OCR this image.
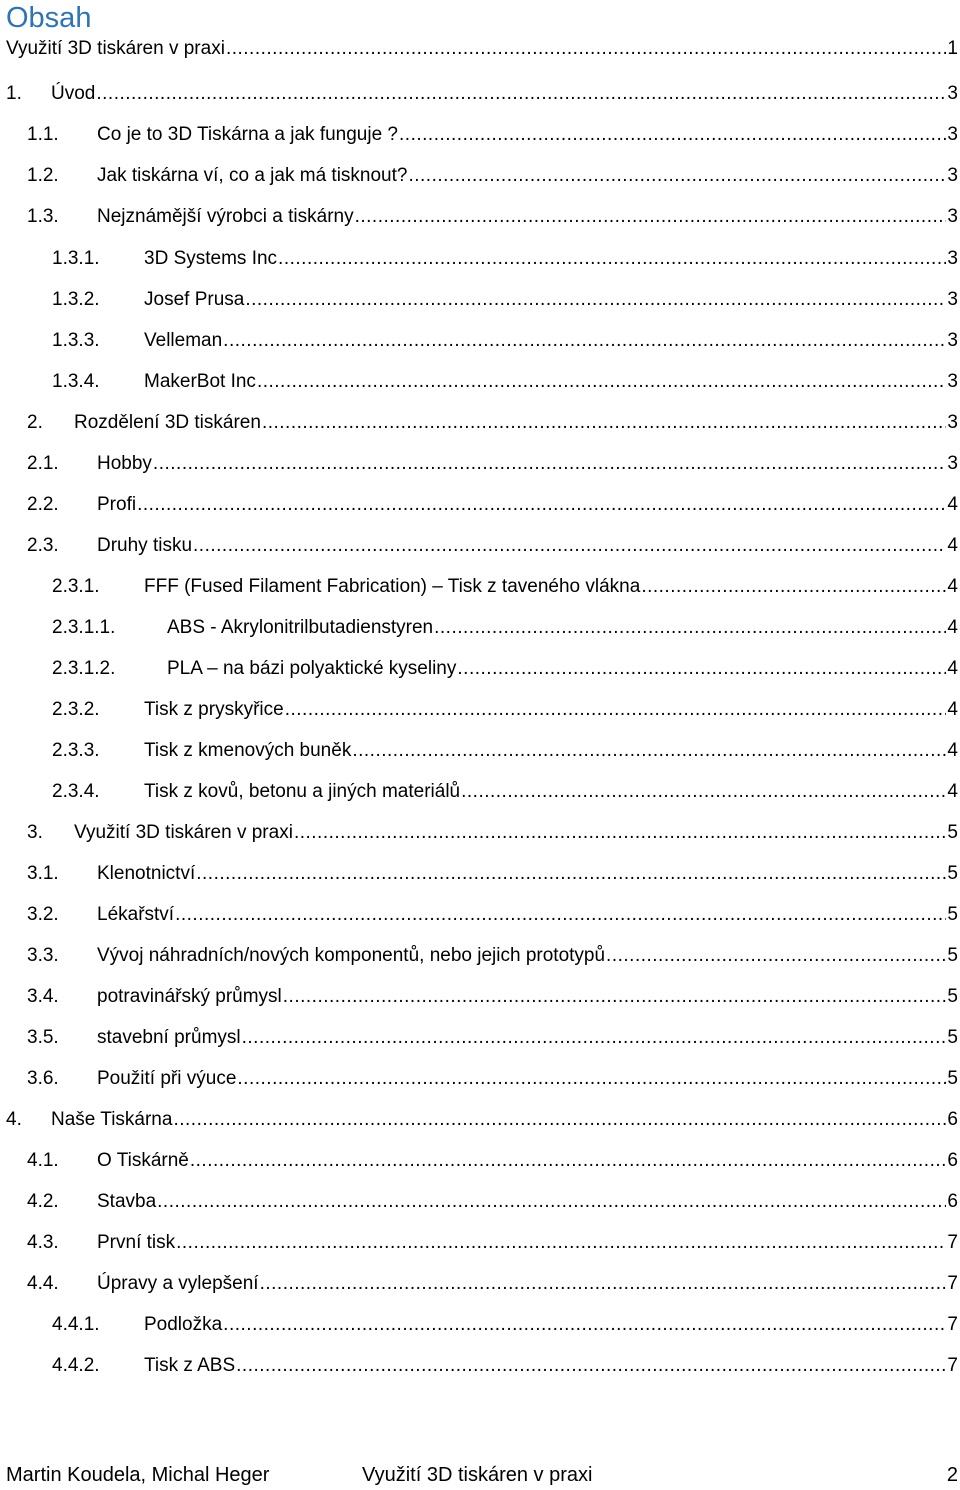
Obsah
Využití 3D tiskáren v praxi .....	1
1.	Úvod .....	3
1.1.	Co je to 3D Tiskárna a jak funguje ? .....	3
1.2.	Jak tiskárna ví, co a jak má tisknout? .....	3
1.3.	Nejznámější výrobci a tiskárny .....	3
1.3.1.	3D Systems Inc .....	3
1.3.2.	Josef Prusa .....	3
1.3.3.	Velleman .....	3
1.3.4.	MakerBot Inc .....	3
2.	Rozdělení 3D tiskáren .....	3
2.1.	Hobby .....	3
2.2.	Profi .....	4
2.3.	Druhy tisku .....	4
2.3.1.	FFF (Fused Filament Fabrication) – Tisk z taveného vlákna .....	4
2.3.1.1.	ABS - Akrylonitrilbutadienstyren .....	4
2.3.1.2.	PLA – na bázi polyaktické kyseliny .....	4
2.3.2.	Tisk z pryskyřice .....	4
2.3.3.	Tisk z kmenových buněk .....	4
2.3.4.	Tisk z kovů, betonu a jiných materiálů .....	4
3.	Využití 3D tiskáren v praxi .....	5
3.1.	Klenotnictví .....	5
3.2.	Lékařství .....	5
3.3.	Vývoj náhradních/nových komponentů, nebo jejich prototypů .....	5
3.4.	potravinářský průmysl .....	5
3.5.	stavební průmysl .....	5
3.6.	Použití při výuce .....	5
4.	Naše Tiskárna .....	6
4.1.	O Tiskárně .....	6
4.2.	Stavba .....	6
4.3.	První tisk .....	7
4.4.	Úpravy a vylepšení .....	7
4.4.1.	Podložka .....	7
4.4.2.	Tisk z ABS .....	7
Martin Koudela, Michal Heger	Využití 3D tiskáren v praxi	2
